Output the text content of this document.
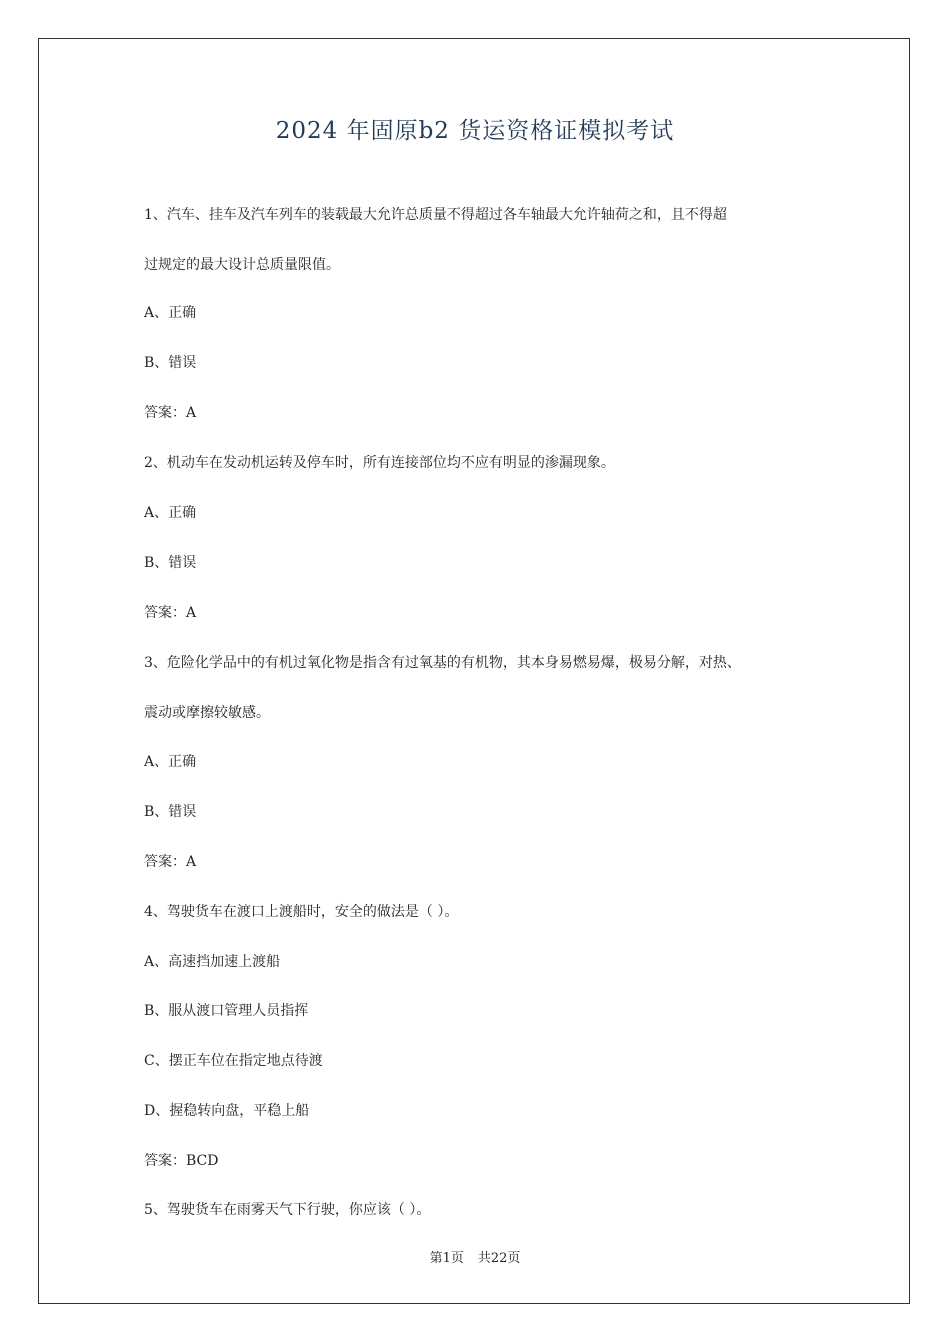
2024 年固原b2 货运资格证模拟考试
1、汽车、挂车及汽车列车的装载最大允许总质量不得超过各车轴最大允许轴荷之和，且不得超
过规定的最大设计总质量限值。
A、正确
B、错误
答案：A
2、机动车在发动机运转及停车时，所有连接部位均不应有明显的渗漏现象。
A、正确
B、错误
答案：A
3、危险化学品中的有机过氧化物是指含有过氧基的有机物，其本身易燃易爆，极易分解，对热、
震动或摩擦较敏感。
A、正确
B、错误
答案：A
4、驾驶货车在渡口上渡船时，安全的做法是（ ）。
A、高速挡加速上渡船
B、服从渡口管理人员指挥
C、摆正车位在指定地点待渡
D、握稳转向盘，平稳上船
答案：BCD
5、驾驶货车在雨雾天气下行驶，你应该（ ）。
第1页 共22页
